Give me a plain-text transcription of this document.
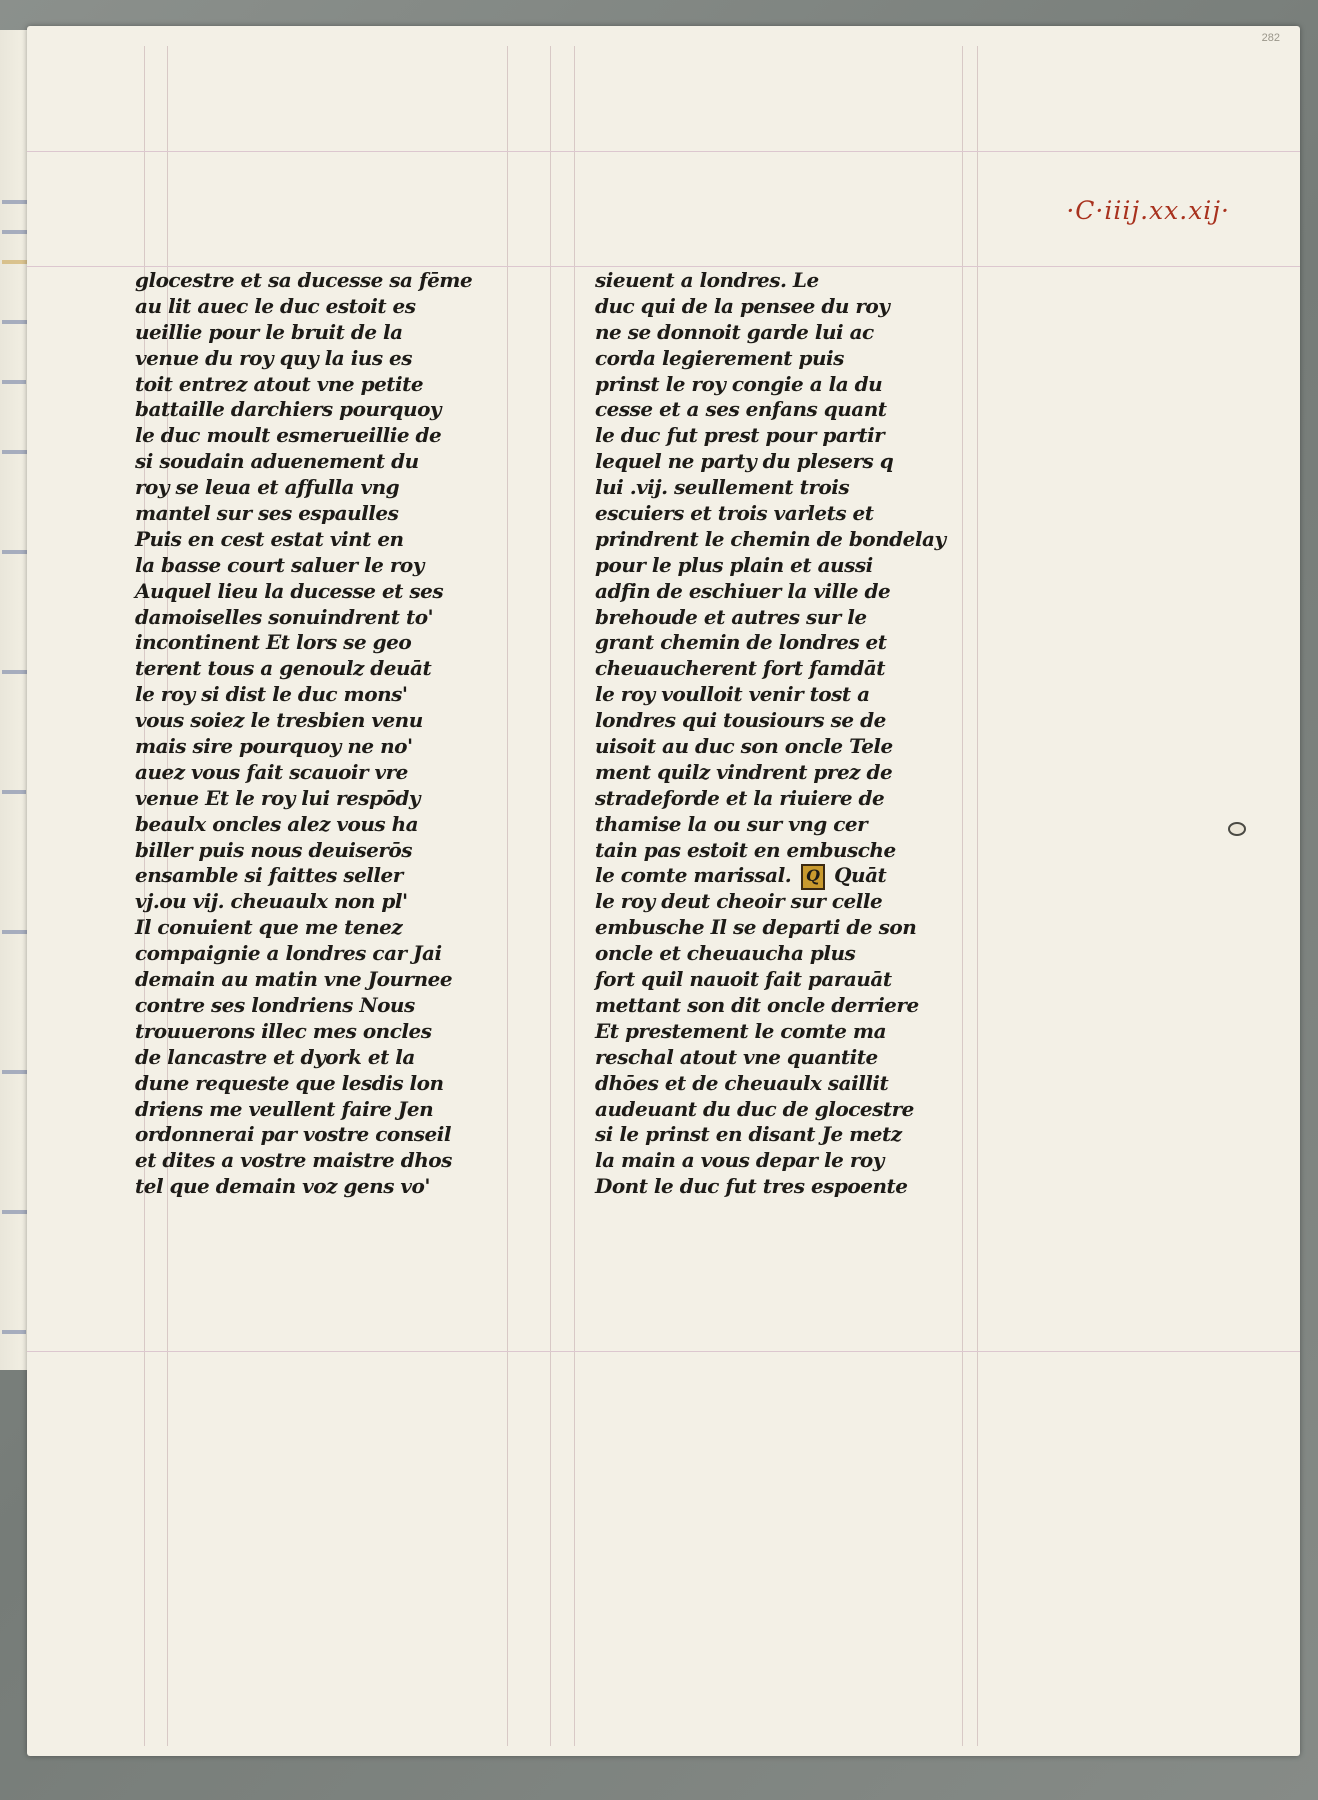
282
·C·iiij.xx.xij·
glocestre et sa ducesse sa fēme
au lit auec le duc estoit es
ueillie pour le bruit de la
venue du roy quy la ius es
toit entrez atout vne petite
battaille darchiers pourquoy
le duc moult esmerueillie de
si soudain aduenement du
roy se leua et affulla vng
mantel sur ses espaulles
Puis en cest estat vint en
la basse court saluer le roy
Auquel lieu la ducesse et ses
damoiselles sonuindrent to'
incontinent Et lors se geo
terent tous a genoulz deuāt
le roy si dist le duc mons'
vous soiez le tresbien venu
mais sire pourquoy ne no'
auez vous fait scauoir vre
venue Et le roy lui respōdy
beaulx oncles alez vous ha
biller puis nous deuiserōs
ensamble si faittes seller
vj.ou vij. cheuaulx non pl'
Il conuient que me tenez
compaignie a londres car Jai
demain au matin vne Journee
contre ses londriens Nous
trouuerons illec mes oncles
de lancastre et dyork et la
dune requeste que lesdis lon
driens me veullent faire Jen
ordonnerai par vostre conseil
et dites a vostre maistre dhos
tel que demain voz gens vo'
sieuent a londres. Le
duc qui de la pensee du roy
ne se donnoit garde lui ac
corda legierement puis
prinst le roy congie a la du
cesse et a ses enfans quant
le duc fut prest pour partir
lequel ne party du plesers q
lui .vij. seullement trois
escuiers et trois varlets et
prindrent le chemin de bondelay
pour le plus plain et aussi
adfin de eschiuer la ville de
brehoude et autres sur le
grant chemin de londres et
cheuaucherent fort famdāt
le roy voulloit venir tost a
londres qui tousiours se de
uisoit au duc son oncle Tele
ment quilz vindrent prez de
stradeforde et la riuiere de
thamise la ou sur vng cer
tain pas estoit en embusche
le comte marissal. Q Quāt
le roy deut cheoir sur celle
embusche Il se departi de son
oncle et cheuaucha plus
fort quil nauoit fait parauāt
mettant son dit oncle derriere
Et prestement le comte ma
reschal atout vne quantite
dhōes et de cheuaulx saillit
audeuant du duc de glocestre
si le prinst en disant Je metz
la main a vous depar le roy
Dont le duc fut tres espoente
